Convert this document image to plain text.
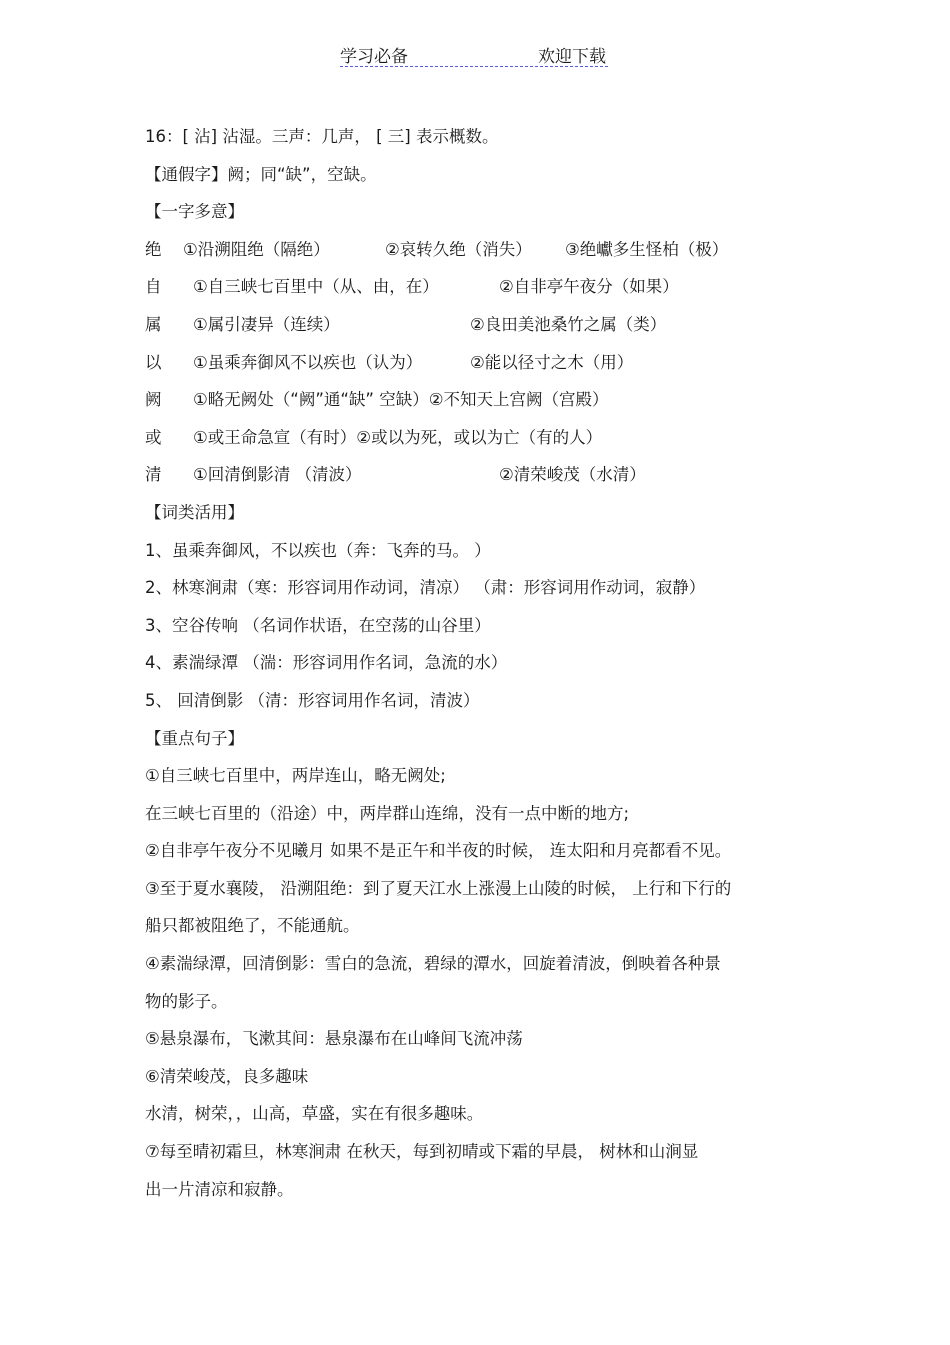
学习必备	欢迎下载
16：[ 沾] 沾湿。三声：几声， [ 三] 表示概数。
【通假字】阙；同“缺”，空缺。
【一字多意】
绝 ①沿溯阻绝（隔绝）	②哀转久绝（消失） ③绝巘多生怪柏（极）
自 ①自三峡七百里中（从、由，在）	②自非亭午夜分（如果）
属 ①属引凄异（连续）	②良田美池桑竹之属（类）
以 ①虽乘奔御风不以疾也（认为）	②能以径寸之木（用）
阙 ①略无阙处（“阙”通“缺” 空缺）②不知天上宫阙（宫殿）
或 ①或王命急宣（有时）②或以为死，或以为亡（有的人）
清 ①回清倒影清 （清波）	②清荣峻茂（水清）
【词类活用】
1、虽乘奔御风，不以疾也（奔：飞奔的马。 ）
2、林寒涧肃（寒：形容词用作动词，清凉） （肃：形容词用作动词，寂静）
3、空谷传响 （名词作状语，在空荡的山谷里）
4、素湍绿潭 （湍：形容词用作名词，急流的水）
5、 回清倒影 （清：形容词用作名词，清波）
【重点句子】
①自三峡七百里中，两岸连山，略无阙处;
在三峡七百里的（沿途）中，两岸群山连绵，没有一点中断的地方;
②自非亭午夜分不见曦月 如果不是正午和半夜的时候， 连太阳和月亮都看不见。
③至于夏水襄陵， 沿溯阻绝：到了夏天江水上涨漫上山陵的时候， 上行和下行的
船只都被阻绝了，不能通航。
④素湍绿潭，回清倒影：雪白的急流，碧绿的潭水，回旋着清波，倒映着各种景
物的影子。
⑤悬泉瀑布，飞漱其间：悬泉瀑布在山峰间飞流冲荡
⑥清荣峻茂，良多趣味
水清，树荣，，山高，草盛，实在有很多趣味。
⑦每至晴初霜旦，林寒涧肃 在秋天，每到初晴或下霜的早晨， 树林和山涧显
出一片清凉和寂静。
